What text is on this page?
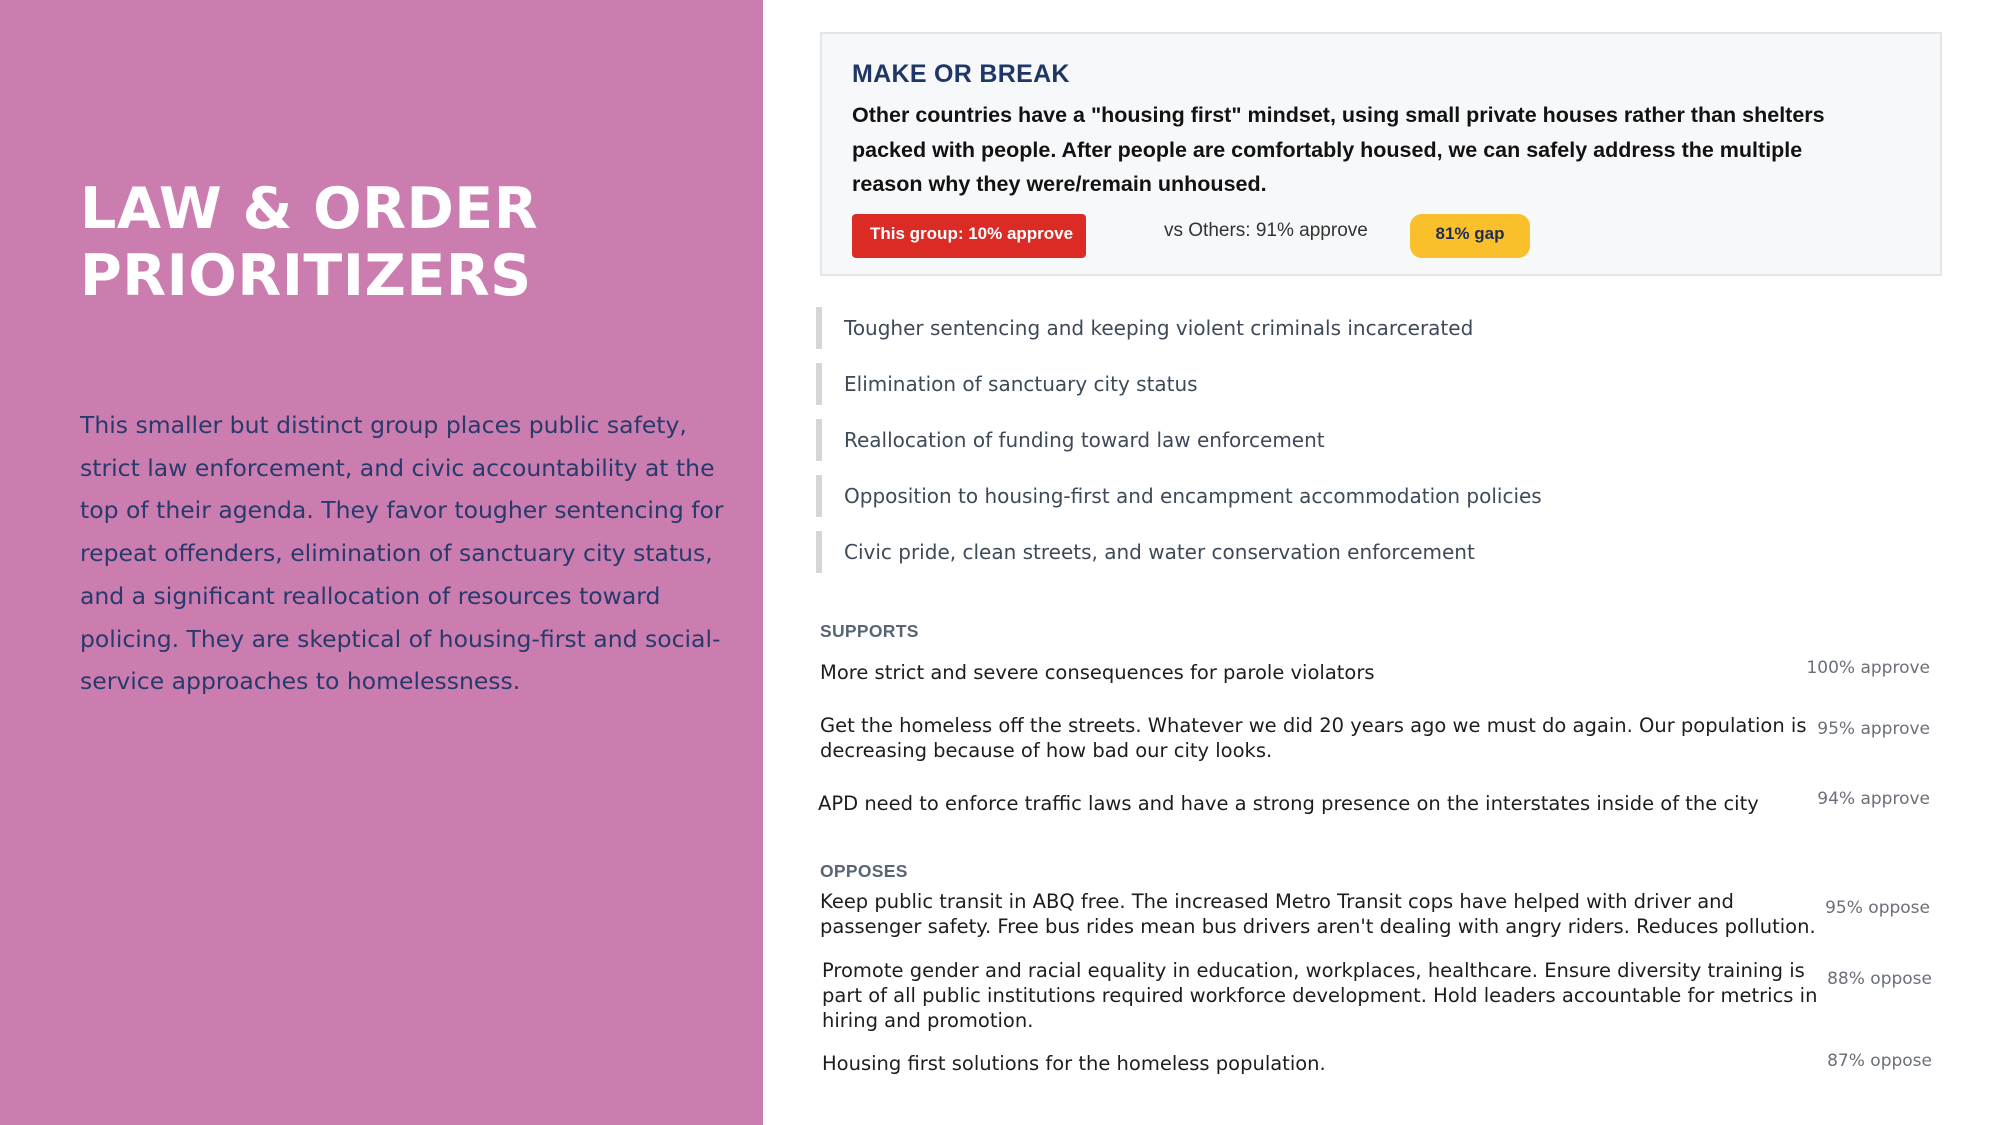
LAW & ORDER
PRIORITIZERS
This smaller but distinct group places public safety,
strict law enforcement, and civic accountability at the
top of their agenda. They favor tougher sentencing for
repeat offenders, elimination of sanctuary city status,
and a significant reallocation of resources toward
policing. They are skeptical of housing-first and social-
service approaches to homelessness.
MAKE OR BREAK
Other countries have a "housing first" mindset, using small private houses rather than shelters
packed with people. After people are comfortably housed, we can safely address the multiple
reason why they were/remain unhoused.
This group: 10% approve	vs Others: 91% approve	81% gap
Tougher sentencing and keeping violent criminals incarcerated
Elimination of sanctuary city status
Reallocation of funding toward law enforcement
Opposition to housing-first and encampment accommodation policies
Civic pride, clean streets, and water conservation enforcement
SUPPORTS
More strict and severe consequences for parole violators	100% approve
Get the homeless off the streets. Whatever we did 20 years ago we must do again. Our population is
decreasing because of how bad our city looks.
95% approve
APD need to enforce traffic laws and have a strong presence on the interstates inside of the city	94% approve
OPPOSES
Keep public transit in ABQ free. The increased Metro Transit cops have helped with driver and
passenger safety. Free bus rides mean bus drivers aren't dealing with angry riders. Reduces pollution.
95% oppose
Promote gender and racial equality in education, workplaces, healthcare. Ensure diversity training is
part of all public institutions required workforce development. Hold leaders accountable for metrics in
hiring and promotion.
88% oppose
Housing first solutions for the homeless population.	87% oppose
